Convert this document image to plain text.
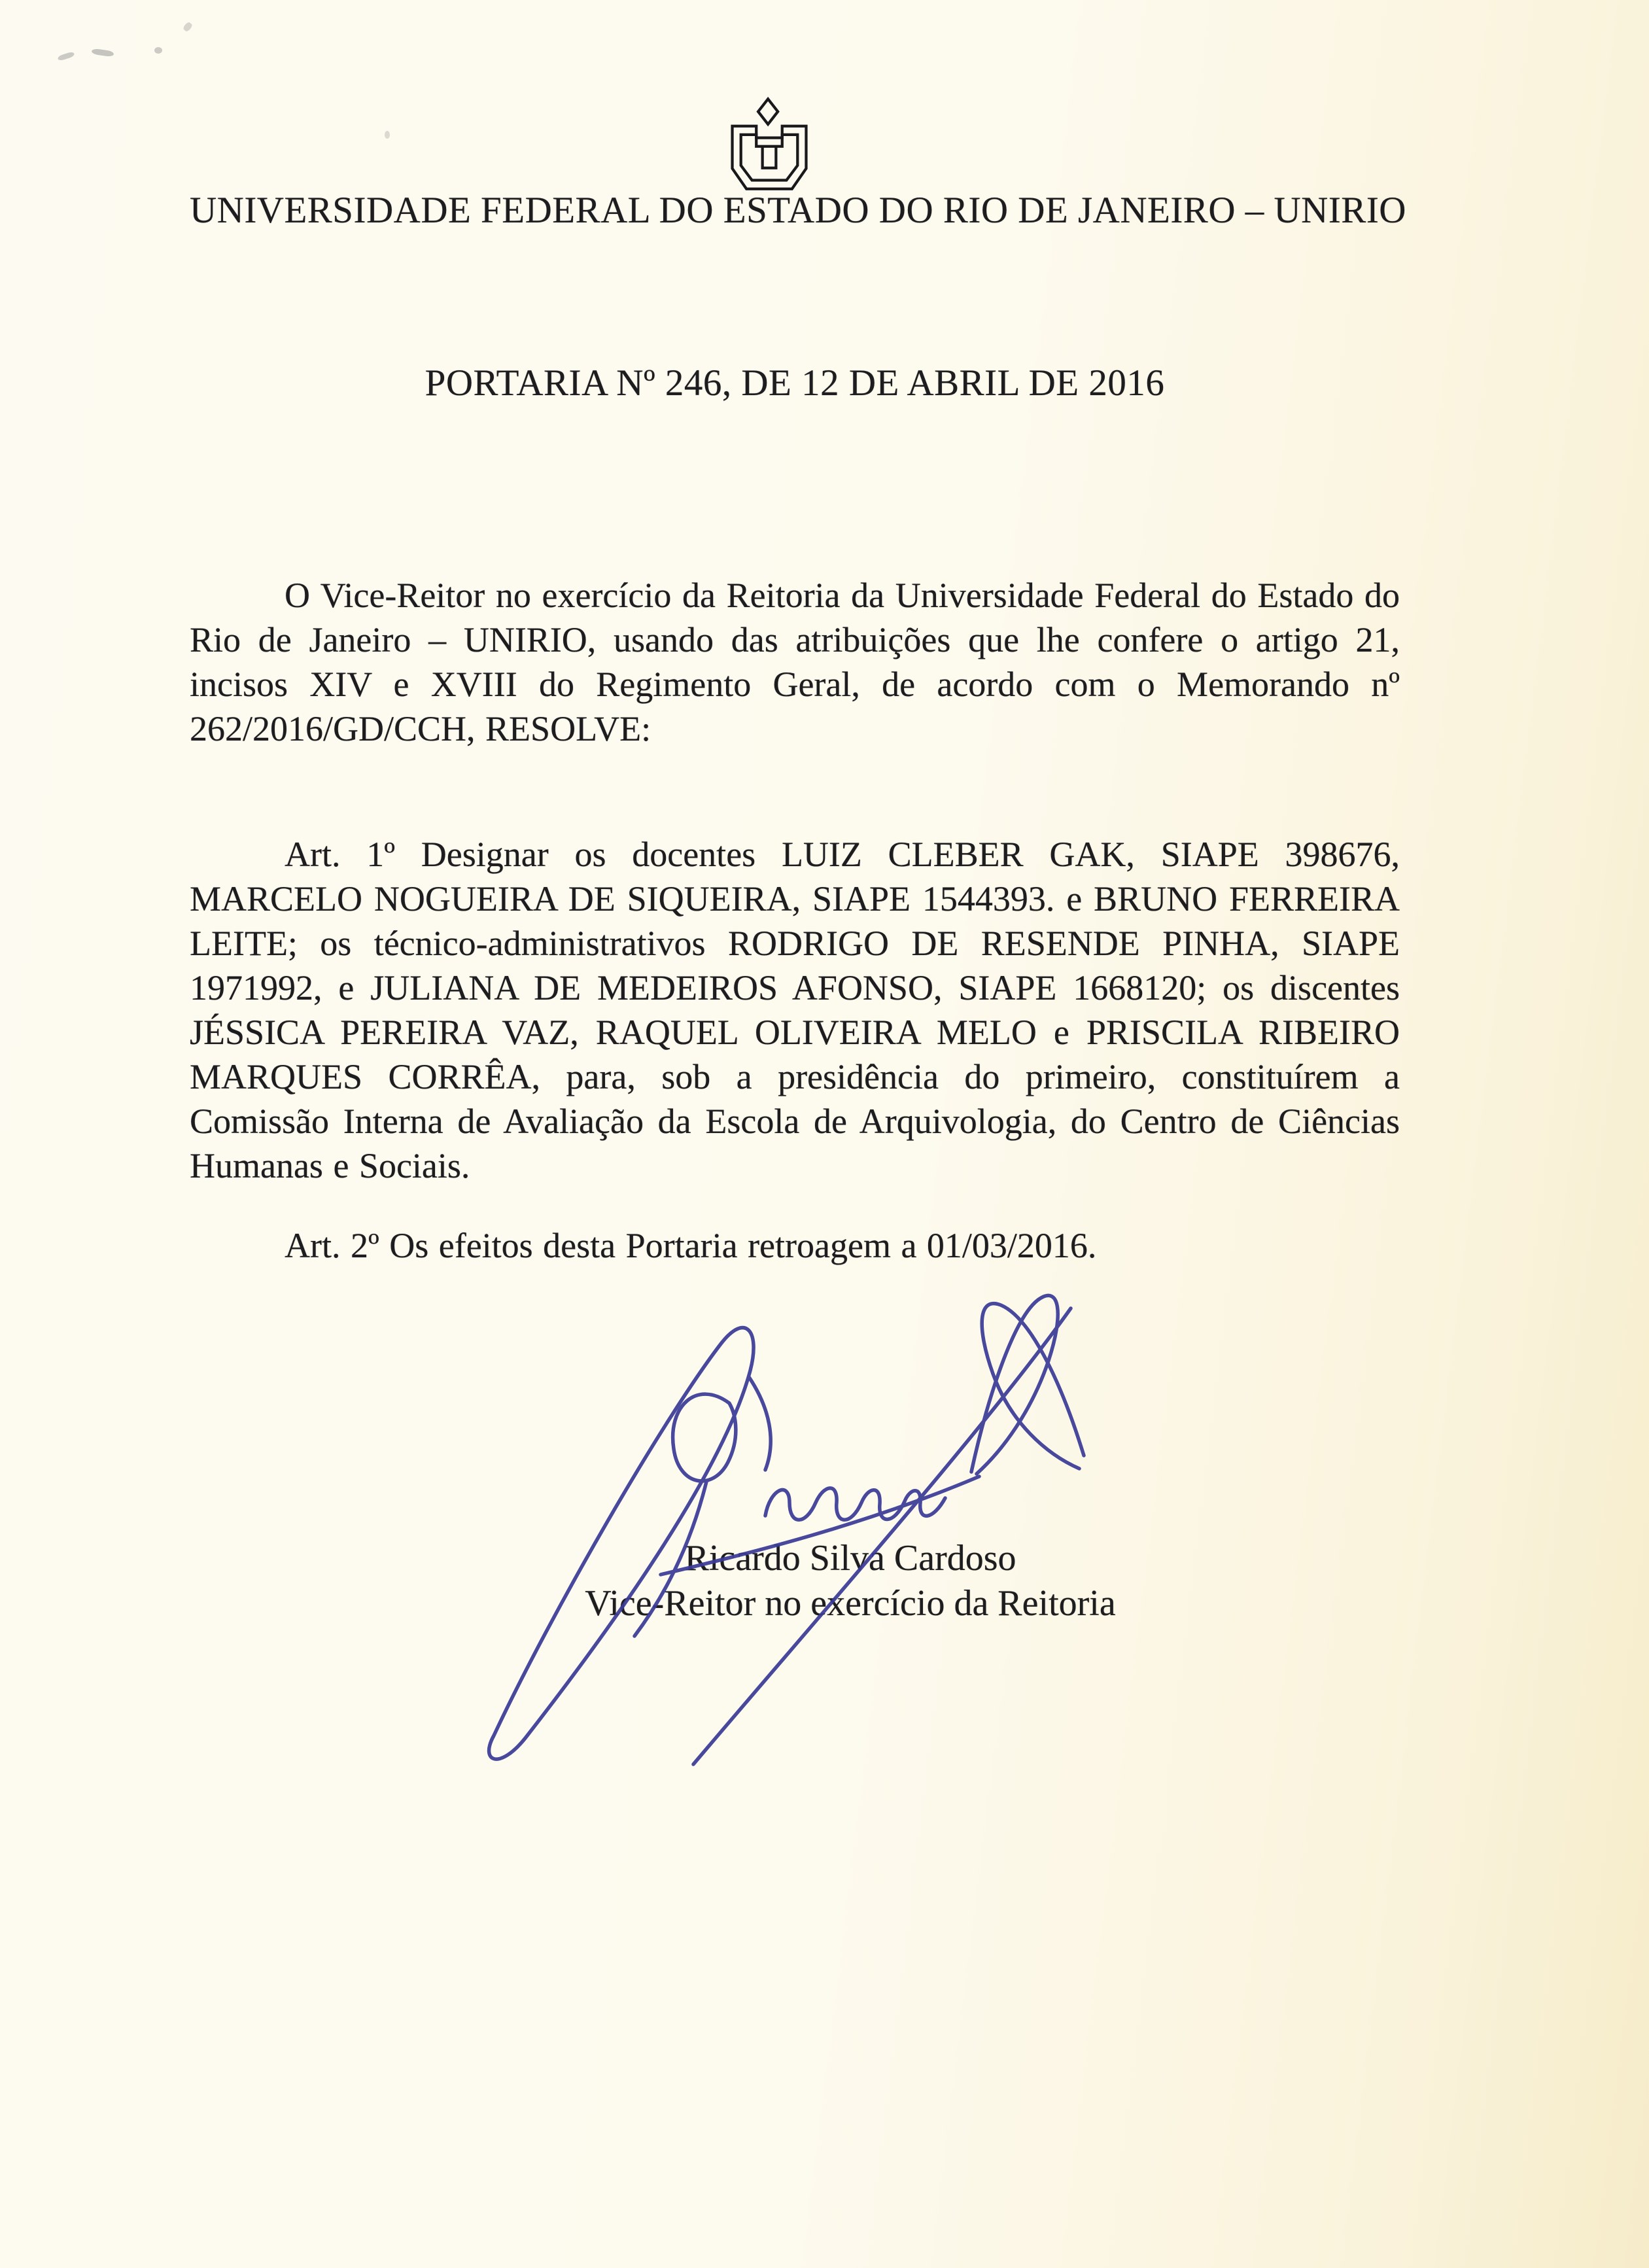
UNIVERSIDADE FEDERAL DO ESTADO DO RIO DE JANEIRO – UNIRIO
PORTARIA Nº 246, DE 12 DE ABRIL DE 2016
O Vice-Reitor no exercício da Reitoria da Universidade Federal do Estado do Rio de Janeiro – UNIRIO, usando das atribuições que lhe confere o artigo 21, incisos XIV e XVIII do Regimento Geral, de acordo com o Memorando nº 262/2016/GD/CCH, RESOLVE:
Art. 1º Designar os docentes LUIZ CLEBER GAK, SIAPE 398676, MARCELO NOGUEIRA DE SIQUEIRA, SIAPE 1544393. e BRUNO FERREIRA LEITE; os técnico-administrativos RODRIGO DE RESENDE PINHA, SIAPE 1971992, e JULIANA DE MEDEIROS AFONSO, SIAPE 1668120; os discentes JÉSSICA PEREIRA VAZ, RAQUEL OLIVEIRA MELO e PRISCILA RIBEIRO MARQUES CORRÊA, para, sob a presidência do primeiro, constituírem a Comissão Interna de Avaliação da Escola de Arquivologia, do Centro de Ciências Humanas e Sociais.
Art. 2º Os efeitos desta Portaria retroagem a 01/03/2016.
Ricardo Silva Cardoso
Vice-Reitor no exercício da Reitoria
